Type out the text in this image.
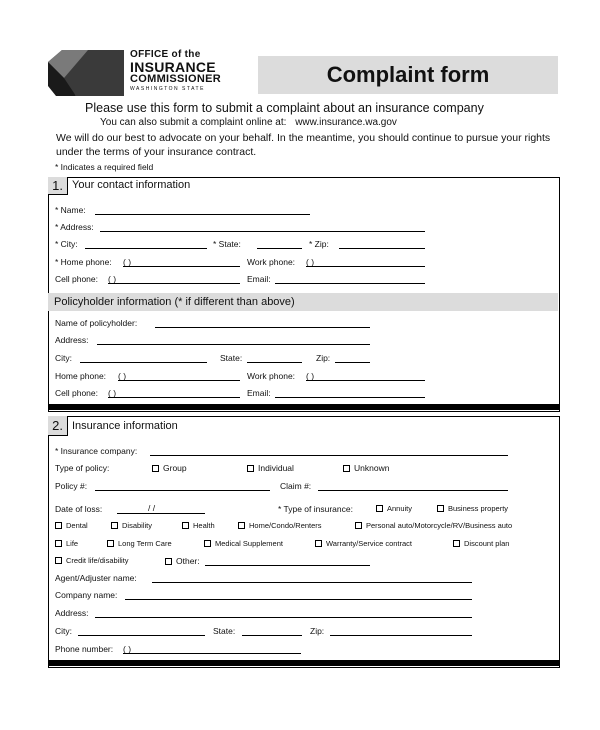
OFFICE of the
INSURANCE
COMMISSIONER
WASHINGTON STATE
Complaint form
Please use this form to submit a complaint about an insurance company
You can also submit a complaint online at: www.insurance.wa.gov
We will do our best to advocate on your behalf. In the meantime, you should continue to pursue your rights under the terms of your insurance contract.
* Indicates a required field
1. Your contact information
* Name:
* Address:
* City:	* State:	* Zip:
* Home phone: ( )	Work phone: ( )
Cell phone: ( )	Email:
Policyholder information (* if different than above)
Name of policyholder:
Address:
City:	State:	Zip:
Home phone: ( )	Work phone: ( )
Cell phone: ( )	Email:
2. Insurance information
* Insurance company:
Type of policy:	Group	Individual	Unknown
Policy #:	Claim #:
Date of loss:	/ /	* Type of insurance:	Annuity	Business property
Dental	Disability	Health	Home/Condo/Renters	Personal auto/Motorcycle/RV/Business auto
Life	Long Term Care	Medical Supplement	Warranty/Service contract	Discount plan
Credit life/disability	Other:
Agent/Adjuster name:
Company name:
Address:
City:	State:	Zip:
Phone number: ( )
